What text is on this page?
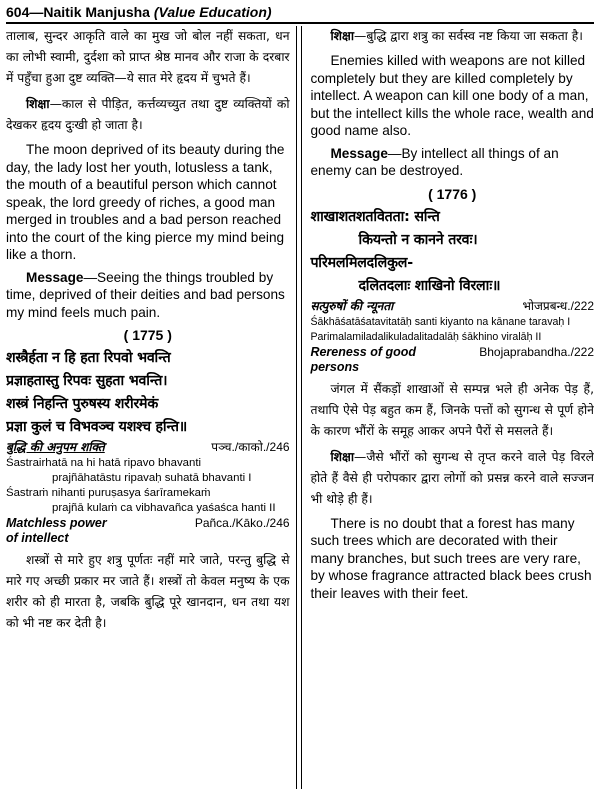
604—Naitik Manjusha (Value Education)

तालाब, सुन्दर आकृति वाले का मुख जो बोल नहीं सकता, धन का लोभी स्वामी, दुर्दशा को प्राप्त श्रेष्ठ मानव और राजा के दरबार में पहुँचा हुआ दुष्ट व्यक्ति—ये सात मेरे हृदय में चुभते हैं।

शिक्षा—काल से पीड़ित, कर्त्तव्यच्युत तथा दुष्ट व्यक्तियों को देखकर हृदय दुःखी हो जाता है।

The moon deprived of its beauty during the day, the lady lost her youth, lotusless a tank, the mouth of a beautiful person which cannot speak, the lord greedy of riches, a good man merged in troubles and a bad person reached into the court of the king pierce my mind being like a thorn.

Message—Seeing the things troubled by time, deprived of their deities and bad persons my mind feels much pain.

( 1775 )
शस्त्रैर्हता न हि हता रिपवो भवन्ति
प्रज्ञाहतास्तु रिपवः सुहता भवन्ति।
शस्त्रं निहन्ति पुरुषस्य शरीरमेकं
प्रज्ञा कुलं च विभवञ्च यशश्च हन्ति॥
बुद्धि की अनुपम शक्ति	पञ्च./काको./246
Śastrairhatā na hi hatā ripavo bhavanti
prajñāhatāstu ripavaḥ suhatā bhavanti I
Śastraṁ nihanti puruṣasya śarīramekaṁ
prajñā kulaṁ ca vibhavañca yaśaśca hanti II
Matchless power	Pañca./Kāko./246
of intellect

शस्त्रों से मारे हुए शत्रु पूर्णतः नहीं मारे जाते, परन्तु बुद्धि से मारे गए अच्छी प्रकार मर जाते हैं। शस्त्रों तो केवल मनुष्य के एक शरीर को ही मारता है, जबकि बुद्धि पूरे खानदान, धन तथा यश को भी नष्ट कर देती है।

शिक्षा—बुद्धि द्वारा शत्रु का सर्वस्व नष्ट किया जा सकता है।

Enemies killed with weapons are not killed completely but they are killed completely by intellect. A weapon can kill one body of a man, but the intellect kills the whole race, wealth and good name also.

Message—By intellect all things of an enemy can be destroyed.

( 1776 )
शाखाशतशतवितता: सन्ति
कियन्तो न कानने तरवः।
परिमलमिलदलिकुल-
दलितदलाः शाखिनो विरलाः॥
सत्पुरुषों की न्यूनता	भोजप्रबन्ध./222
Śākhāśatāśatavitatāḥ santi kiyanto na kānane taravaḥ I
Parimalamiladalikuladalitadalāḥ śākhino viralāḥ II
Rereness of good	Bhojaprabandha./222
persons

जंगल में सैंकड़ों शाखाओं से सम्पन्न भले ही अनेक पेड़ हैं, तथापि ऐसे पेड़ बहुत कम हैं, जिनके पत्तों को सुगन्ध से पूर्ण होने के कारण भौंरों के समूह आकर अपने पैरों से मसलते हैं।

शिक्षा—जैसे भौंरों को सुगन्ध से तृप्त करने वाले पेड़ विरले होते हैं वैसे ही परोपकार द्वारा लोगों को प्रसन्न करने वाले सज्जन भी थोड़े ही हैं।

There is no doubt that a forest has many such trees which are decorated with their many branches, but such trees are very rare, by whose fragrance attracted black bees crush their leaves with their feet.
